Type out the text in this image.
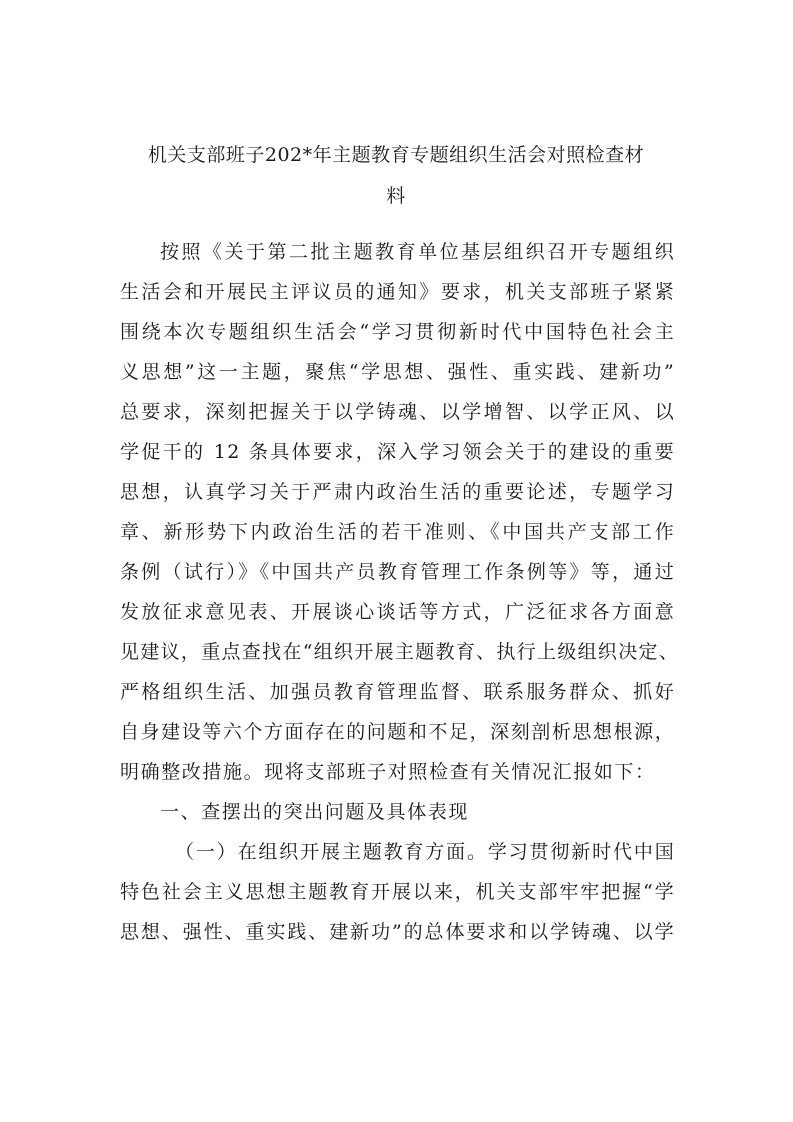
机关支部班子202*年主题教育专题组织生活会对照检查材
料
按照《关于第二批主题教育单位基层组织召开专题组织
生活会和开展民主评议员的通知》要求，机关支部班子紧紧
围绕本次专题组织生活会“学习贯彻新时代中国特色社会主
义思想”这一主题，聚焦“学思想、强性、重实践、建新功”
总要求，深刻把握关于以学铸魂、以学增智、以学正风、以
学促干的 12 条具体要求，深入学习领会关于的建设的重要
思想，认真学习关于严肃内政治生活的重要论述，专题学习
章、新形势下内政治生活的若干准则、《中国共产支部工作
条例（试行）》《中国共产员教育管理工作条例等》等，通过
发放征求意见表、开展谈心谈话等方式，广泛征求各方面意
见建议，重点查找在“组织开展主题教育、执行上级组织决定、
严格组织生活、加强员教育管理监督、联系服务群众、抓好
自身建设等六个方面存在的问题和不足，深刻剖析思想根源，
明确整改措施。现将支部班子对照检查有关情况汇报如下：
一、查摆出的突出问题及具体表现
（一）在组织开展主题教育方面。学习贯彻新时代中国
特色社会主义思想主题教育开展以来，机关支部牢牢把握“学
思想、强性、重实践、建新功”的总体要求和以学铸魂、以学
